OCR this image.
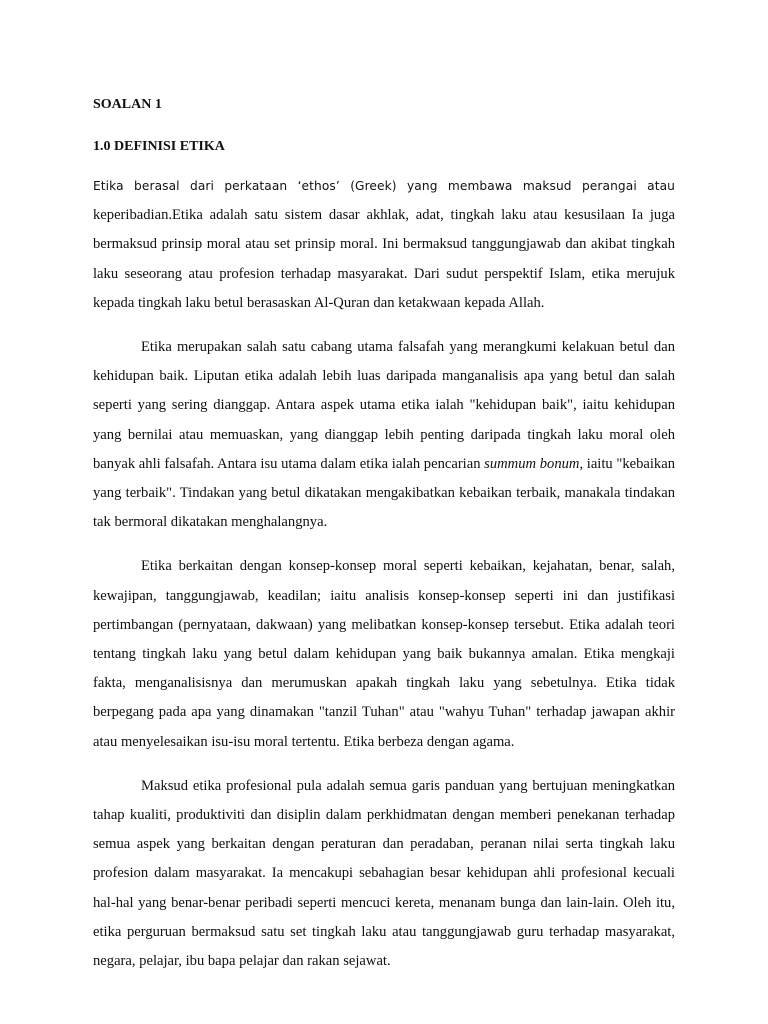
SOALAN 1

1.0 DEFINISI ETIKA

Etika berasal dari perkataan ‘ethos’ (Greek) yang membawa maksud perangai atau keperibadian.Etika adalah satu sistem dasar akhlak, adat, tingkah laku atau kesusilaan Ia juga bermaksud prinsip moral atau set prinsip moral. Ini bermaksud tanggungjawab dan akibat tingkah laku seseorang atau profesion terhadap masyarakat. Dari sudut perspektif Islam, etika merujuk kepada tingkah laku betul berasaskan Al-Quran dan ketakwaan kepada Allah.

Etika merupakan salah satu cabang utama falsafah yang merangkumi kelakuan betul dan kehidupan baik. Liputan etika adalah lebih luas daripada manganalisis apa yang betul dan salah seperti yang sering dianggap. Antara aspek utama etika ialah "kehidupan baik", iaitu kehidupan yang bernilai atau memuaskan, yang dianggap lebih penting daripada tingkah laku moral oleh banyak ahli falsafah. Antara isu utama dalam etika ialah pencarian summum bonum, iaitu "kebaikan yang terbaik". Tindakan yang betul dikatakan mengakibatkan kebaikan terbaik, manakala tindakan tak bermoral dikatakan menghalangnya.

Etika berkaitan dengan konsep-konsep moral seperti kebaikan, kejahatan, benar, salah, kewajipan, tanggungjawab, keadilan; iaitu analisis konsep-konsep seperti ini dan justifikasi pertimbangan (pernyataan, dakwaan) yang melibatkan konsep-konsep tersebut. Etika adalah teori tentang tingkah laku yang betul dalam kehidupan yang baik bukannya amalan. Etika mengkaji fakta, menganalisisnya dan merumuskan apakah tingkah laku yang sebetulnya. Etika tidak berpegang pada apa yang dinamakan "tanzil Tuhan" atau "wahyu Tuhan" terhadap jawapan akhir atau menyelesaikan isu-isu moral tertentu. Etika berbeza dengan agama.

Maksud etika profesional pula adalah semua garis panduan yang bertujuan meningkatkan tahap kualiti, produktiviti dan disiplin dalam perkhidmatan dengan memberi penekanan terhadap semua aspek yang berkaitan dengan peraturan dan peradaban, peranan nilai serta tingkah laku profesion dalam masyarakat. Ia mencakupi sebahagian besar kehidupan ahli profesional kecuali hal-hal yang benar-benar peribadi seperti mencuci kereta, menanam bunga dan lain-lain. Oleh itu, etika perguruan bermaksud satu set tingkah laku atau tanggungjawab guru terhadap masyarakat, negara, pelajar, ibu bapa pelajar dan rakan sejawat.
